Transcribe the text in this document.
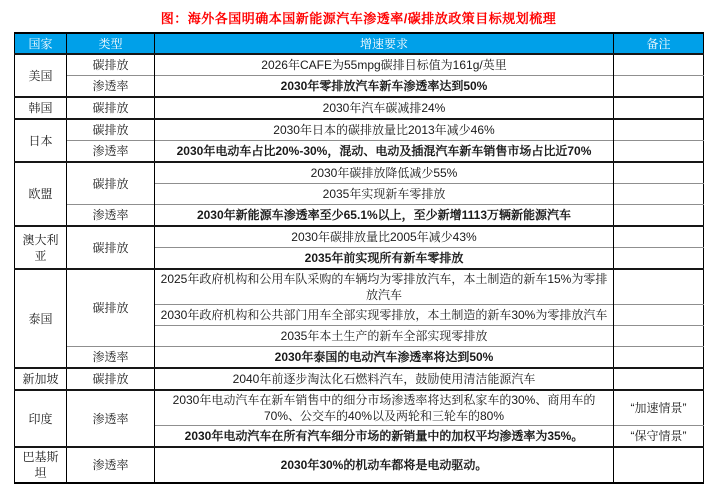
图：海外各国明确本国新能源汽车渗透率/碳排放政策目标规划梳理
国家	类型	增速要求	备注
美国	碳排放	2026年CAFE为55mpg碳排目标值为161g/英里	
	渗透率	2030年零排放汽车新车渗透率达到50%	
韩国	碳排放	2030年汽车碳减排24%	
日本	碳排放	2030年日本的碳排放量比2013年减少46%	
	渗透率	2030年电动车占比20%-30%，混动、电动及插混汽车新车销售市场占比近70%	
欧盟	碳排放	2030年碳排放降低减少55%	
		2035年实现新车零排放	
	渗透率	2030年新能源车渗透率至少65.1%以上，至少新增1113万辆新能源汽车	
澳大利亚	碳排放	2030年碳排放量比2005年减少43%	
		2035年前实现所有新车零排放	
泰国	碳排放	2025年政府机构和公用车队采购的车辆均为零排放汽车，本土制造的新车15%为零排放汽车	
		2030年政府机构和公共部门用车全部实现零排放，本土制造的新车30%为零排放汽车	
		2035年本土生产的新车全部实现零排放	
	渗透率	2030年泰国的电动汽车渗透率将达到50%	
新加坡	碳排放	2040年前逐步淘汰化石燃料汽车，鼓励使用清洁能源汽车	
印度	渗透率	2030年电动汽车在新车销售中的细分市场渗透率将达到私家车的30%、商用车的70%、公交车的40%以及两轮和三轮车的80%	“加速情景”
		2030年电动汽车在所有汽车细分市场的新销量中的加权平均渗透率为35%。	“保守情景”
巴基斯坦	渗透率	2030年30%的机动车都将是电动驱动。	
